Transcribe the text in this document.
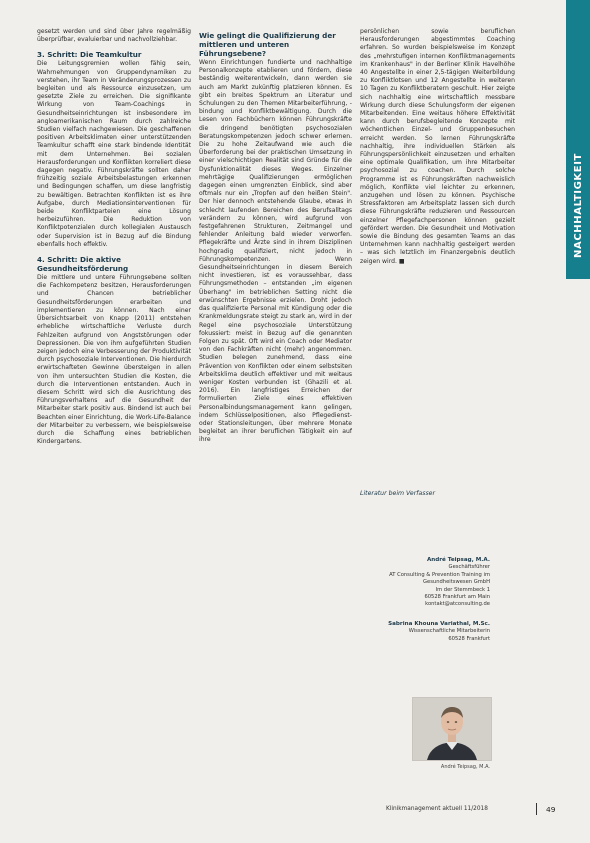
gesetzt werden und sind über Jahre regelmäßig überprüfbar, evaluierbar und nachvollziehbar.

3. Schritt: Die Teamkultur

Die Leitungsgremien wollen fähig sein, Wahrnehmungen von Gruppendynamiken zu verstehen, ihr Team in Veränderungsprozessen zu begleiten und als Ressource einzusetzen, um gesetzte Ziele zu erreichen. Die signifikante Wirkung von Team-Coachings in Gesundheitseinrichtungen ist insbesondere im angloamerikanischen Raum durch zahlreiche Studien vielfach nachgewiesen. Die geschaffenen positiven Arbeitsklimaten einer unterstützenden Teamkultur schafft eine stark bindende Identität mit dem Unternehmen. Bei sozialen Herausforderungen und Konflikten korreliert diese dagegen negativ. Führungskräfte sollten daher frühzeitig soziale Arbeitsbelastungen erkennen und Bedingungen schaffen, um diese langfristig zu bewältigen. Betrachten Konflikten ist es ihre Aufgabe, durch Mediationsinterventionen für beide Konfliktparteien eine Lösung herbeizuführen. Die Reduktion von Konfliktpotenzialen durch kollegialen Austausch oder Supervision ist in Bezug auf die Bindung ebenfalls hoch effektiv.

4. Schritt: Die aktive Gesundheitsförderung

Die mittlere und untere Führungsebene sollten die Fachkompetenz besitzen, Herausforderungen und Chancen betrieblicher Gesundheitsförderungen erarbeiten und implementieren zu können. Nach einer Übersichtsarbeit von Knapp (2011) entstehen erhebliche wirtschaftliche Verluste durch Fehlzeiten aufgrund von Angststörungen oder Depressionen. Die von ihm aufgeführten Studien zeigen jedoch eine Verbesserung der Produktivität durch psychosoziale Interventionen. Die hierdurch erwirtschafteten Gewinne übersteigen in allen von ihm untersuchten Studien die Kosten, die durch die Interventionen entstanden. Auch in diesem Schritt wird sich die Ausrichtung des Führungsverhaltens auf die Gesundheit der Mitarbeiter stark positiv aus. Bindend ist auch bei Beachten einer Einrichtung, die Work-Life-Balance der Mitarbeiter zu verbessern, wie beispielsweise durch die Schaffung eines betrieblichen Kindergartens.

Wie gelingt die Qualifizierung der mittleren und unteren Führungsebene?

Wenn Einrichtungen fundierte und nachhaltige Personalkonzepte etablieren und fördern, diese beständig weiterentwickeln, dann werden sie auch am Markt zukünftig platzieren können. Es gibt ein breites Spektrum an Literatur und Schulungen zu den Themen Mitarbeiterführung, -bindung und Konfliktbewältigung. Durch die Lesen von Fachbüchern können Führungskräfte die dringend benötigten psychosozialen Beratungskompetenzen jedoch schwer erlernen. Die zu hohe Zeitaufwand wie auch die Überforderung bei der praktischen Umsetzung in einer vielschichtigen Realität sind Gründe für die Dysfunktionalität dieses Weges. Einzelner mehrtägige Qualifizierungen ermöglichen dagegen einen umgrenzten Einblick, sind aber oftmals nur ein „Tropfen auf den heißen Stein". Der hier dennoch entstehende Glaube, etwas in schlecht laufenden Bereichen des Berufsalltags verändern zu können, wird aufgrund von festgefahrenen Strukturen, Zeitmangel und fehlender Anleitung bald wieder verworfen. Pflegekräfte und Ärzte sind in ihrem Disziplinen hochgradig qualifiziert, nicht jedoch in Führungskompetenzen. Wenn Gesundheitseinrichtungen in diesem Bereich nicht investieren, ist es voraussehbar, dass Führungsmethoden – entstanden „im eigenen Überhang" im betrieblichen Setting nicht die erwünschten Ergebnisse erzielen. Droht jedoch das qualifizierte Personal mit Kündigung oder die Krankmeldungsrate steigt zu stark an, wird in der Regel eine psychosoziale Unterstützung fokussiert: meist in Bezug auf die genannten Folgen zu spät. Oft wird ein Coach oder Mediator von den Fachkräften nicht (mehr) angenommen. Studien belegen zunehmend, dass eine Prävention von Konflikten oder einem selbstsiten Arbeitsklima deutlich effektiver und mit weitaus weniger Kosten verbunden ist (Ghazili et al. 2016). Ein langfristiges Erreichen der formulierten Ziele eines effektiven Personalbindungsmanagement kann gelingen, indem Schlüsselpositionen, also Pflegedienst- oder Stationsleitungen, über mehrere Monate begleitet an ihrer beruflichen Tätigkeit ein auf ihre

persönlichen sowie beruflichen Herausforderungen abgestimmtes Coaching erfahren. So wurden beispielsweise im Konzept des „mehrstufigen internen Konfliktmanagements im Krankenhaus" in der Berliner Klinik Havelhöhe 40 Angestellte in einer 2,5-tägigen Weiterbildung zu Konfliktlotsen und 12 Angestellte in weiteren 10 Tagen zu Konfliktberatern geschult. Hier zeigte sich nachhaltig eine wirtschaftlich messbare Wirkung durch diese Schulungsform der eigenen Mitarbeitenden. Eine weitaus höhere Effektivität kann durch berufsbegleitende Konzepte mit wöchentlichen Einzel- und Gruppenbesuchen erreicht werden. So lernen Führungskräfte nachhaltig, ihre individuellen Stärken als Führungspersönlichkeit einzusetzen und erhalten eine optimale Qualifikation, um ihre Mitarbeiter psychosozial zu coachen. Durch solche Programme ist es Führungskräften nachweislich möglich, Konflikte viel leichter zu erkennen, anzugehen und lösen zu können. Psychische Stressfaktoren am Arbeitsplatz lassen sich durch diese Führungskräfte reduzieren und Ressourcen einzelner Pflegefachpersonen können gezielt gefördert werden. Die Gesundheit und Motivation sowie die Bindung des gesamten Teams an das Unternehmen kann nachhaltig gesteigert werden – was sich letztlich im Finanzergebnis deutlich zeigen wird. ■

Literatur beim Verfasser
André Teipsag, M.A.
Geschäftsführer
AT Consulting & Prevention Training im
Gesundheitswesen GmbH
Im der Stemmbeck 1
60528 Frankfurt am Main
kontakt@atconsulting.de
Sabrina Khouna Variathal, M.Sc.
Wissenschaftliche Mitarbeiterin
60528 Frankfurt
André Teipsag, M.A.
NACHHALTIGKEIT
Klinikmanagement aktuell 11/2018	49
